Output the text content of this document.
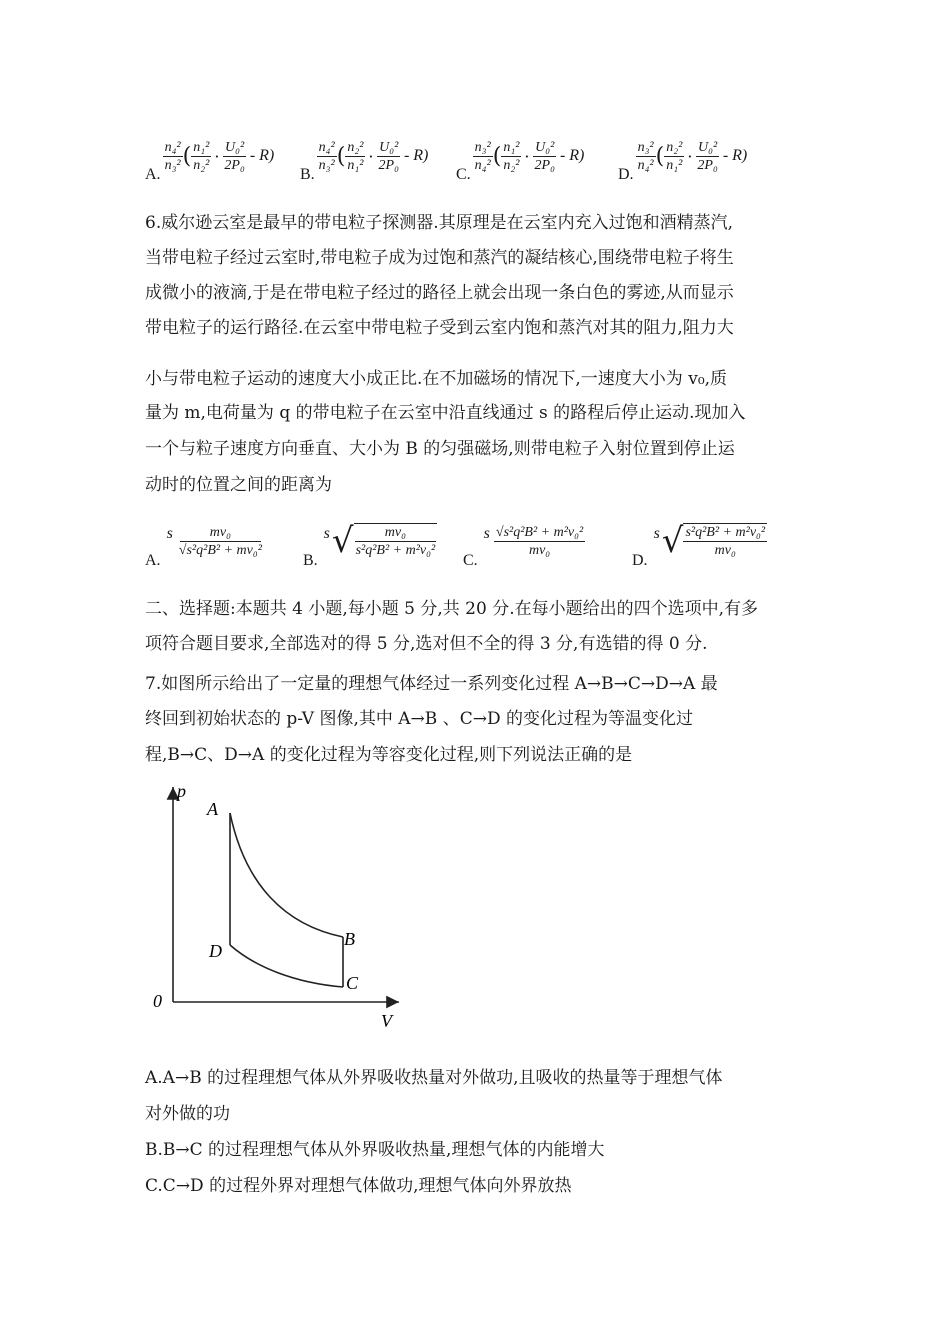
A.
$\frac{\text{n₄²}}{\text{n₃²}}$ ( $\frac{\text{n₁²}}{\text{n₂²}} \cdot \frac{\text{U₀²}}{\text{2P₀}} - R$)
B.
$\frac{\text{n₄²}}{\text{n₃²}}$ ( $\frac{\text{n₂²}}{\text{n₁²}} \cdot \frac{\text{U₀²}}{\text{2P₀}} - R$)
C.
$\frac{\text{n₃²}}{\text{n₄²}}$ ( $\frac{\text{n₁²}}{\text{n₂²}} \cdot \frac{\text{U₀²}}{\text{2P₀}} - R$)
D.
$\frac{\text{n₃²}}{\text{n₄²}}$ ( $\frac{\text{n₂²}}{\text{n₁²}} \cdot \frac{\text{U₀²}}{\text{2P₀}} - R$)
6.威尔逊云室是最早的带电粒子探测器.其原理是在云室内充入过饱和酒精蒸汽,
当带电粒子经过云室时,带电粒子成为过饱和蒸汽的凝结核心,围绕带电粒子将生
成微小的液滴,于是在带电粒子经过的路径上就会出现一条白色的雾迹,从而显示
带电粒子的运行路径.在云室中带电粒子受到云室内饱和蒸汽对其的阻力,阻力大
小与带电粒子运动的速度大小成正比.在不加磁场的情况下,一速度大小为 v₀,质
量为 m,电荷量为 q 的带电粒子在云室中沿直线通过 s 的路程后停止运动.现加入
一个与粒子速度方向垂直、大小为 B 的匀强磁场,则带电粒子入射位置到停止运
动时的位置之间的距离为
A.
s $\frac{\text{mv₀}}{\text{√s²q²B² + mv₀²}}$
B.
s √ $\frac{\text{mv₀}}{\text{s²q²B² + m²v₀²}}$
C.
s $\frac{\text{√s²q²B² + m²v₀²}}{\text{mv₀}}$
D.
s √ $\frac{\text{s²q²B² + m²v₀²}}{\text{mv₀}}$
二、选择题:本题共 4 小题,每小题 5 分,共 20 分.在每小题给出的四个选项中,有多
项符合题目要求,全部选对的得 5 分,选对但不全的得 3 分,有选错的得 0 分.
7.如图所示给出了一定量的理想气体经过一系列变化过程 A→B→C→D→A 最
终回到初始状态的 p-V 图像,其中 A→B 、C→D 的变化过程为等温变化过
程,B→C、D→A 的变化过程为等容变化过程,则下列说法正确的是
p
V
0
A
B
C
D
A.A→B 的过程理想气体从外界吸收热量对外做功,且吸收的热量等于理想气体
对外做的功
B.B→C 的过程理想气体从外界吸收热量,理想气体的内能增大
C.C→D 的过程外界对理想气体做功,理想气体向外界放热
